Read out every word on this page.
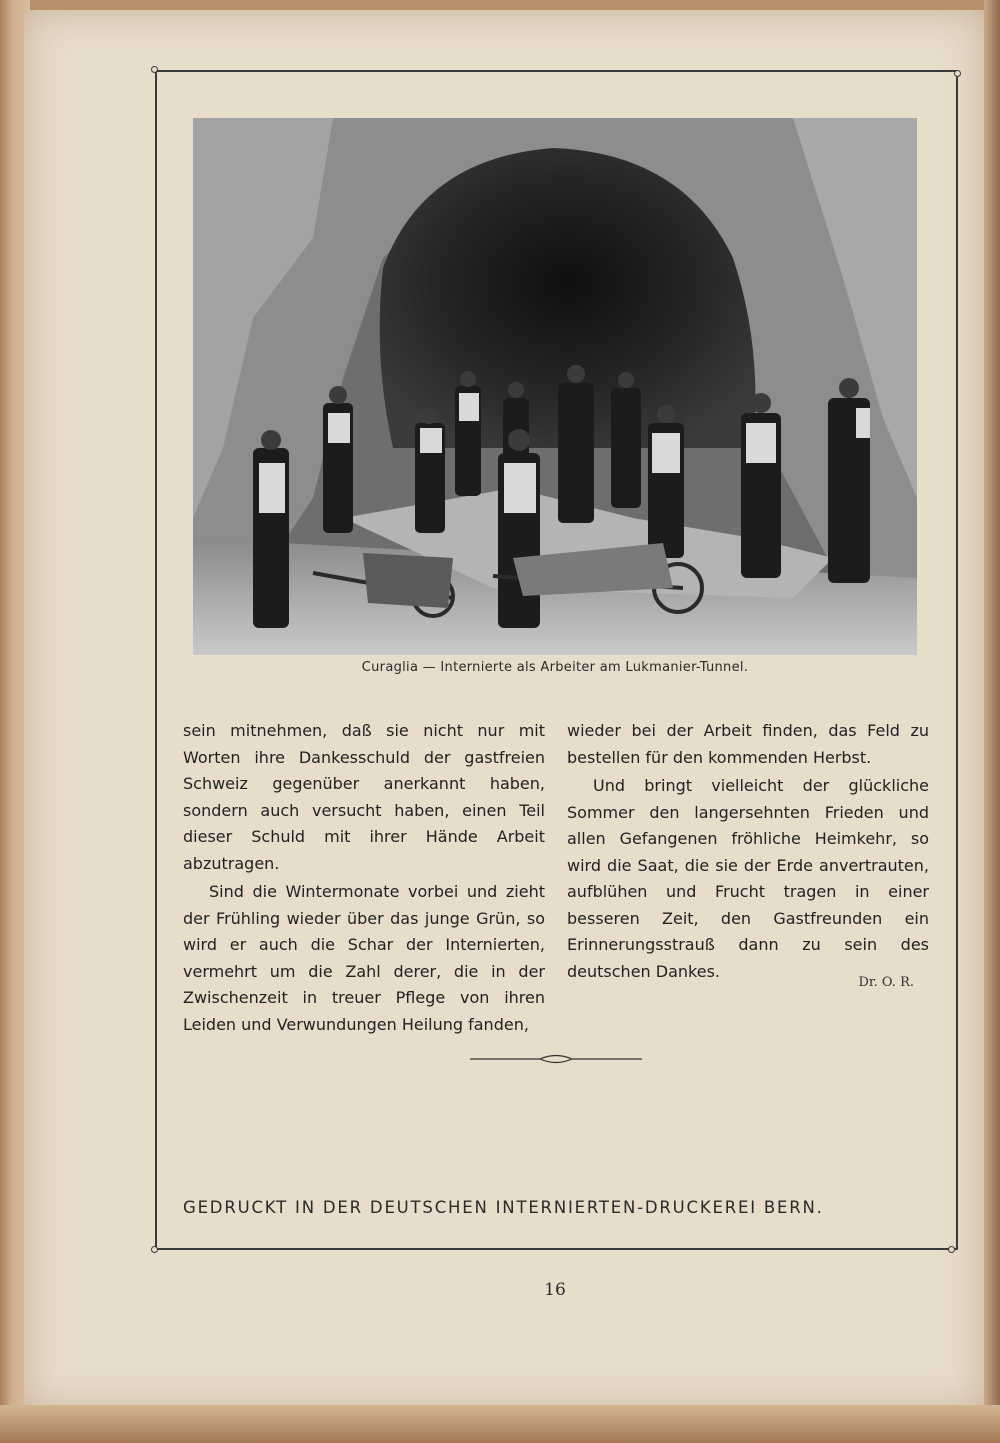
Curaglia — Internierte als Arbeiter am Lukmanier-Tunnel.

sein mitnehmen, daß sie nicht nur mit Worten ihre Dankesschuld der gastfreien Schweiz gegenüber anerkannt haben, sondern auch versucht haben, einen Teil dieser Schuld mit ihrer Hände Arbeit abzutragen.

Sind die Wintermonate vorbei und zieht der Frühling wieder über das junge Grün, so wird er auch die Schar der Internierten, vermehrt um die Zahl derer, die in der Zwischenzeit in treuer Pflege von ihren Leiden und Verwundungen Heilung fanden,

wieder bei der Arbeit finden, das Feld zu bestellen für den kommenden Herbst.

Und bringt vielleicht der glückliche Sommer den langersehnten Frieden und allen Gefangenen fröhliche Heimkehr, so wird die Saat, die sie der Erde anvertrauten, aufblühen und Frucht tragen in einer besseren Zeit, den Gastfreunden ein Erinnerungsstrauß dann zu sein des deutschen Dankes.

Dr. O. R.
GEDRUCKT IN DER DEUTSCHEN INTERNIERTEN-DRUCKEREI BERN.
16
